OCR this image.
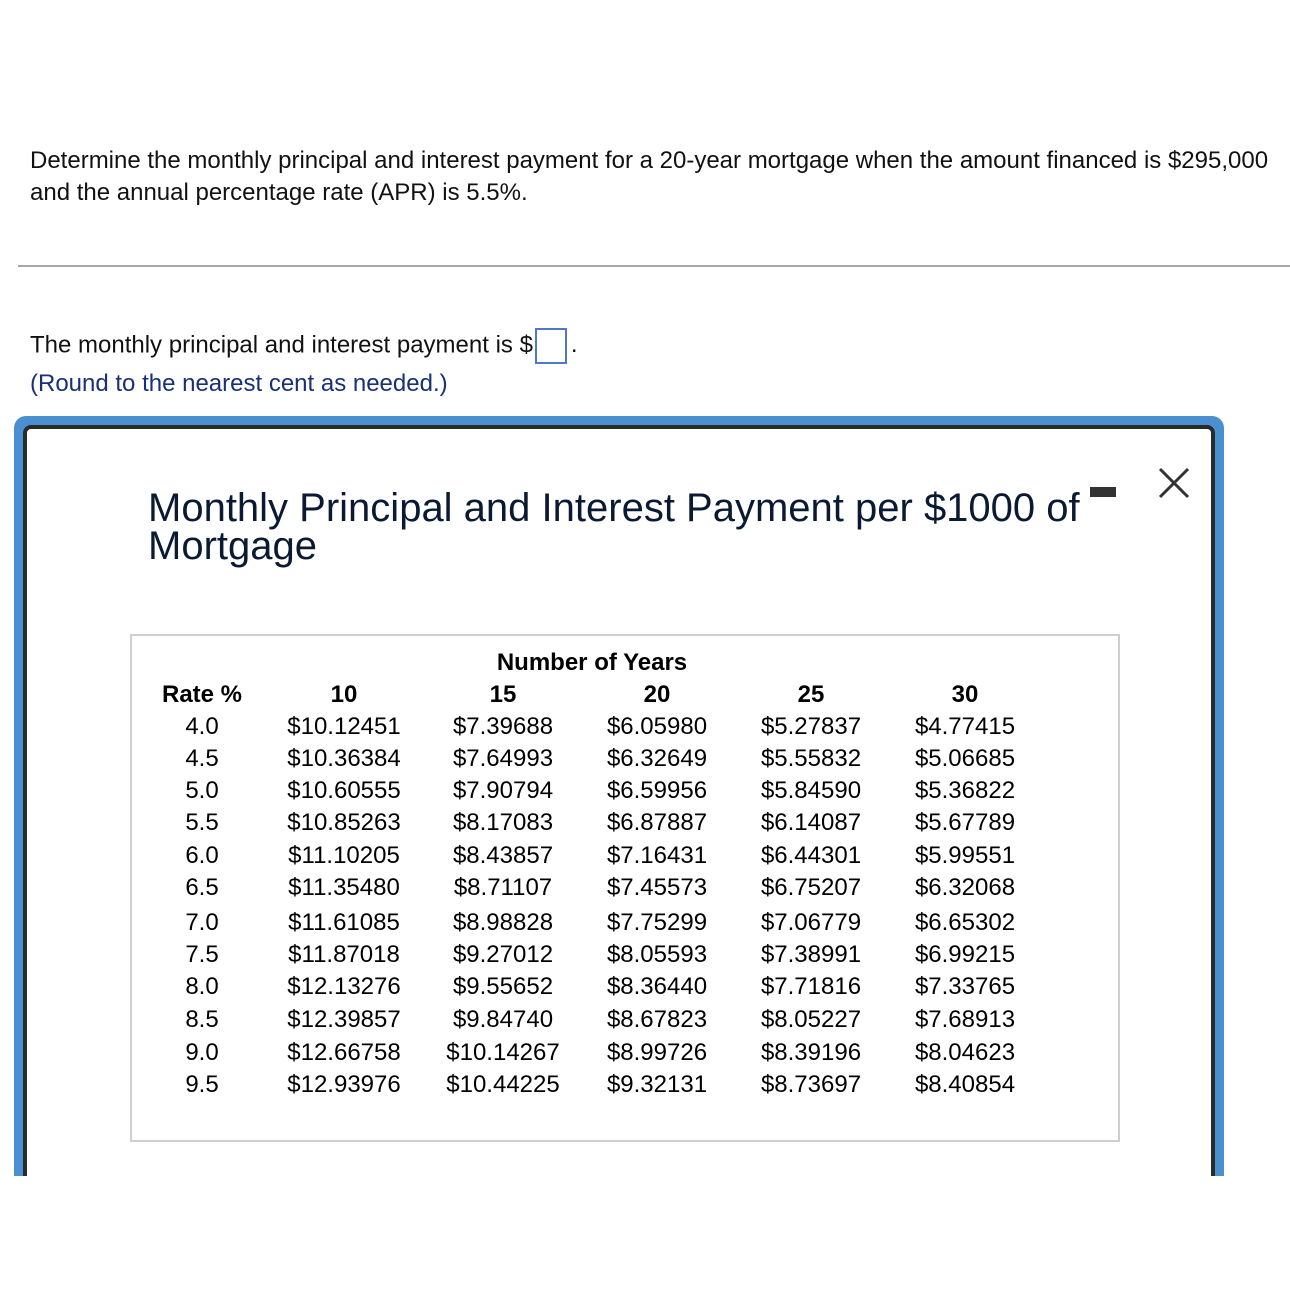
Determine the monthly principal and interest payment for a 20-year mortgage when the amount financed is $295,000 and the annual percentage rate (APR) is 5.5%.
The monthly principal and interest payment is $ .
(Round to the nearest cent as needed.)
Monthly Principal and Interest Payment per $1000 of Mortgage
Number of Years
Rate %	10	15	20	25	30
4.0	$10.12451	$7.39688	$6.05980	$5.27837	$4.77415
4.5	$10.36384	$7.64993	$6.32649	$5.55832	$5.06685
5.0	$10.60555	$7.90794	$6.59956	$5.84590	$5.36822
5.5	$10.85263	$8.17083	$6.87887	$6.14087	$5.67789
6.0	$11.10205	$8.43857	$7.16431	$6.44301	$5.99551
6.5	$11.35480	$8.71107	$7.45573	$6.75207	$6.32068
7.0	$11.61085	$8.98828	$7.75299	$7.06779	$6.65302
7.5	$11.87018	$9.27012	$8.05593	$7.38991	$6.99215
8.0	$12.13276	$9.55652	$8.36440	$7.71816	$7.33765
8.5	$12.39857	$9.84740	$8.67823	$8.05227	$7.68913
9.0	$12.66758	$10.14267	$8.99726	$8.39196	$8.04623
9.5	$12.93976	$10.44225	$9.32131	$8.73697	$8.40854
